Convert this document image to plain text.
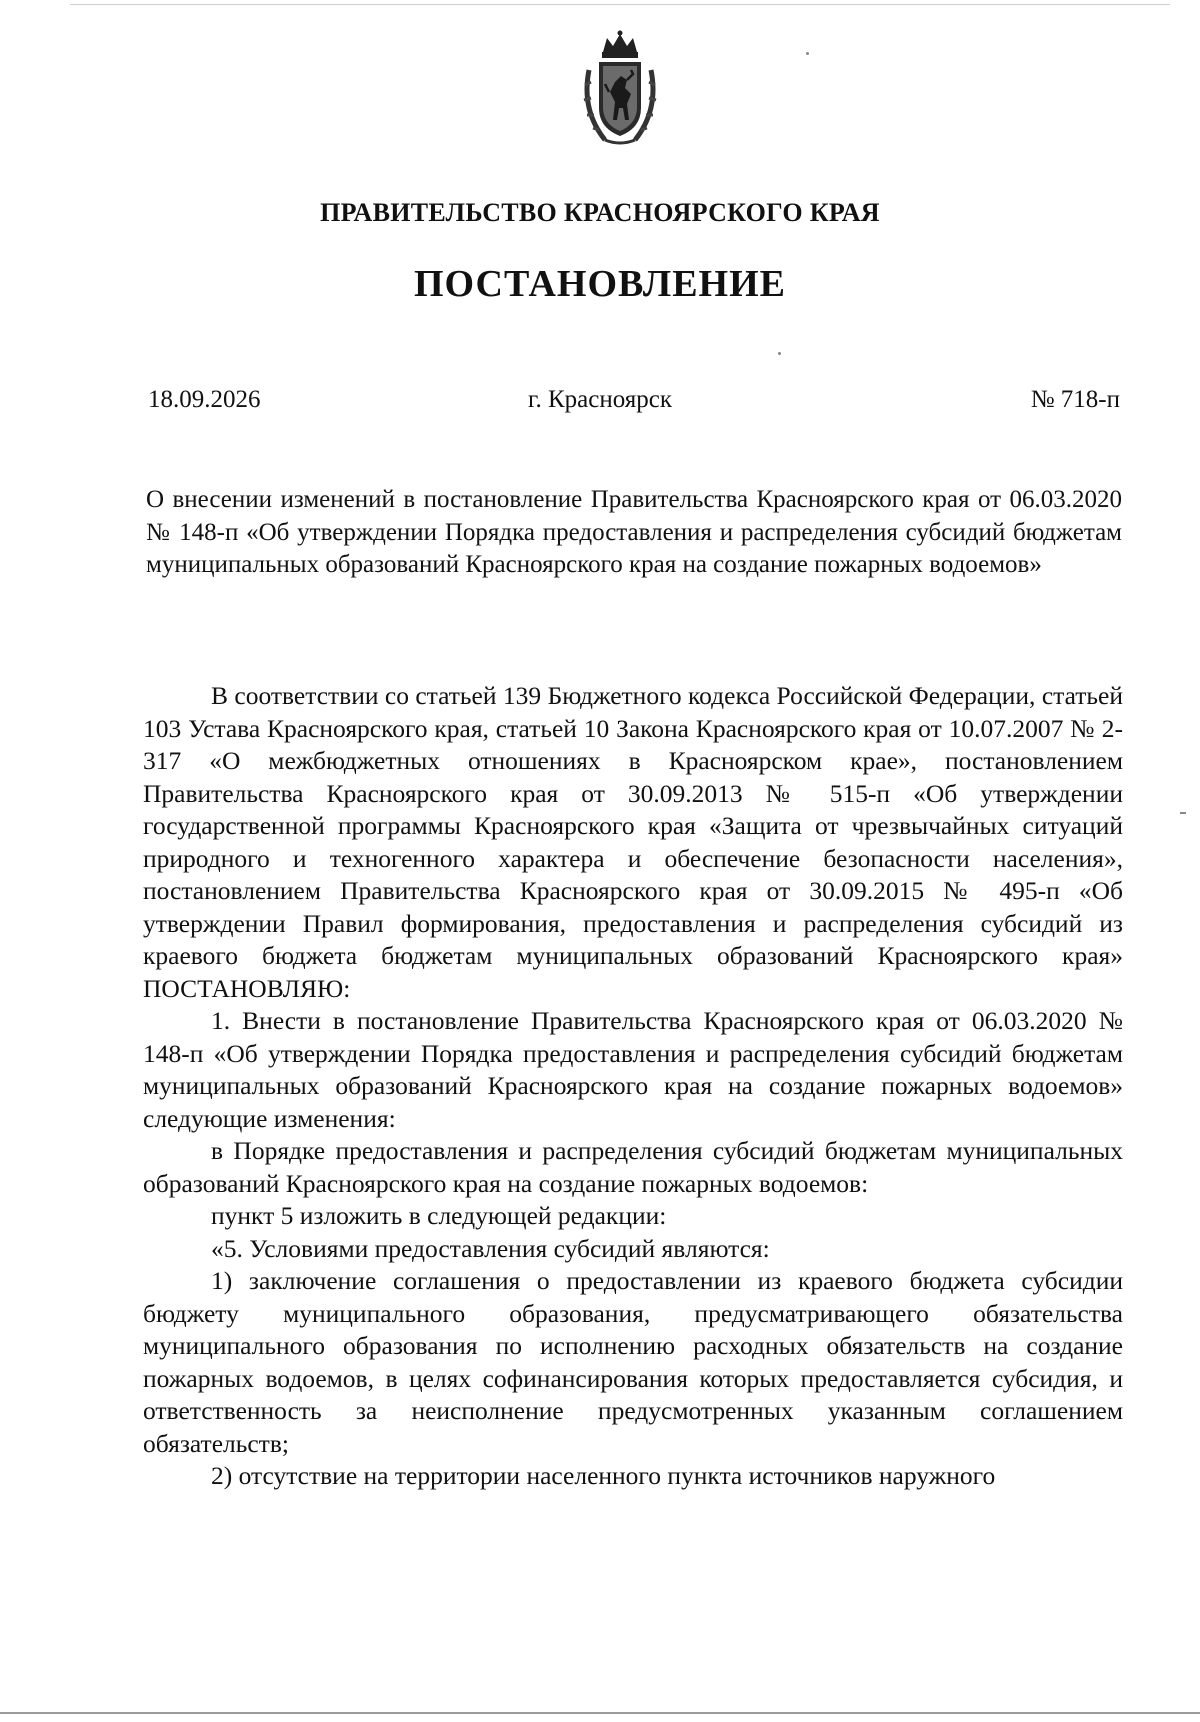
ПРАВИТЕЛЬСТВО КРАСНОЯРСКОГО КРАЯ
ПОСТАНОВЛЕНИЕ
18.09.2026	г. Красноярск	№ 718-п
О внесении изменений в постановление Правительства Красноярского края от 06.03.2020 № 148-п «Об утверждении Порядка предоставления и распределения субсидий бюджетам муниципальных образований Красноярского края на создание пожарных водоемов»

В соответствии со статьей 139 Бюджетного кодекса Российской Федерации, статьей 103 Устава Красноярского края, статьей 10 Закона Красноярского края от 10.07.2007 № 2-317 «О межбюджетных отношениях в Красноярском крае», постановлением Правительства Красноярского края от 30.09.2013 № 515-п «Об утверждении государственной программы Красноярского края «Защита от чрезвычайных ситуаций природного и техногенного характера и обеспечение безопасности населения», постановлением Правительства Красноярского края от 30.09.2015 № 495-п «Об утверждении Правил формирования, предоставления и распределения субсидий из краевого бюджета бюджетам муниципальных образований Красноярского края» ПОСТАНОВЛЯЮ:

1. Внести в постановление Правительства Красноярского края от 06.03.2020 № 148-п «Об утверждении Порядка предоставления и распределения субсидий бюджетам муниципальных образований Красноярского края на создание пожарных водоемов» следующие изменения:

в Порядке предоставления и распределения субсидий бюджетам муниципальных образований Красноярского края на создание пожарных водоемов:

пункт 5 изложить в следующей редакции:

«5. Условиями предоставления субсидий являются:

1) заключение соглашения о предоставлении из краевого бюджета субсидии бюджету муниципального образования, предусматривающего обязательства муниципального образования по исполнению расходных обязательств на создание пожарных водоемов, в целях софинансирования которых предоставляется субсидия, и ответственность за неисполнение предусмотренных указанным соглашением обязательств;

2) отсутствие на территории населенного пункта источников наружного
